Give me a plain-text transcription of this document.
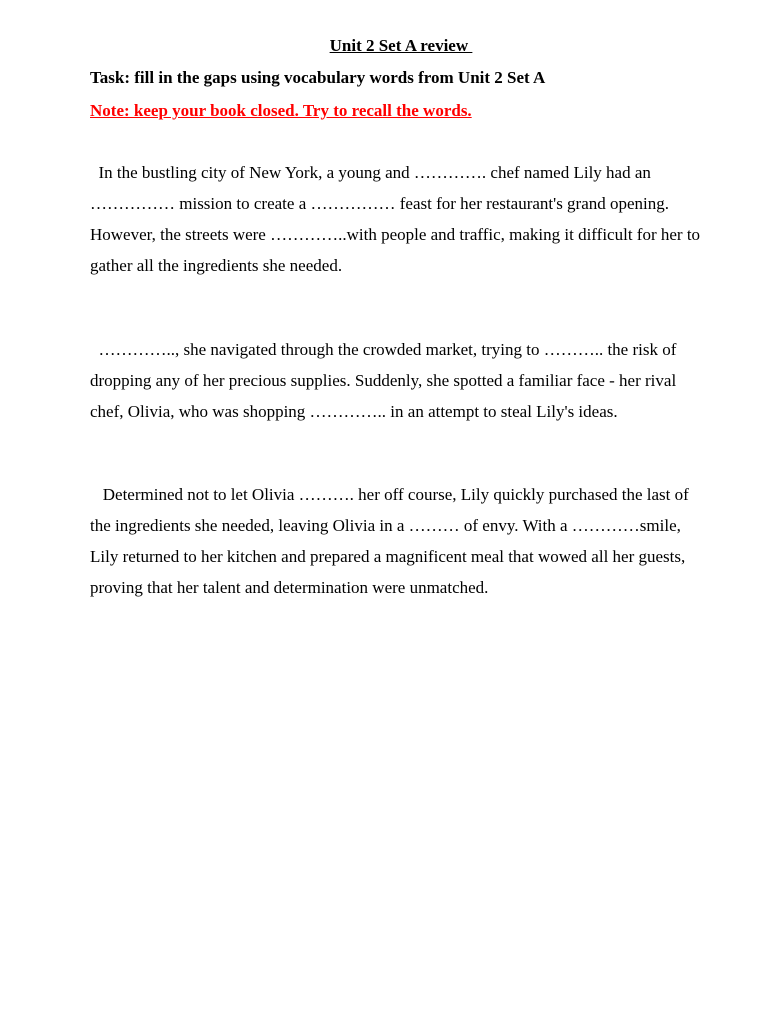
Unit 2 Set A review

Task: fill in the gaps using vocabulary words from Unit 2 Set A

Note: keep your book closed. Try to recall the words.

In the bustling city of New York, a young and …………. chef named Lily had an …………… mission to create a …………… feast for her restaurant's grand opening. However, the streets were …………..with people and traffic, making it difficult for her to gather all the ingredients she needed.

………….., she navigated through the crowded market, trying to ……….. the risk of dropping any of her precious supplies. Suddenly, she spotted a familiar face - her rival chef, Olivia, who was shopping ………….. in an attempt to steal Lily's ideas.

Determined not to let Olivia ………. her off course, Lily quickly purchased the last of the ingredients she needed, leaving Olivia in a ……… of envy. With a …………smile, Lily returned to her kitchen and prepared a magnificent meal that wowed all her guests, proving that her talent and determination were unmatched.
